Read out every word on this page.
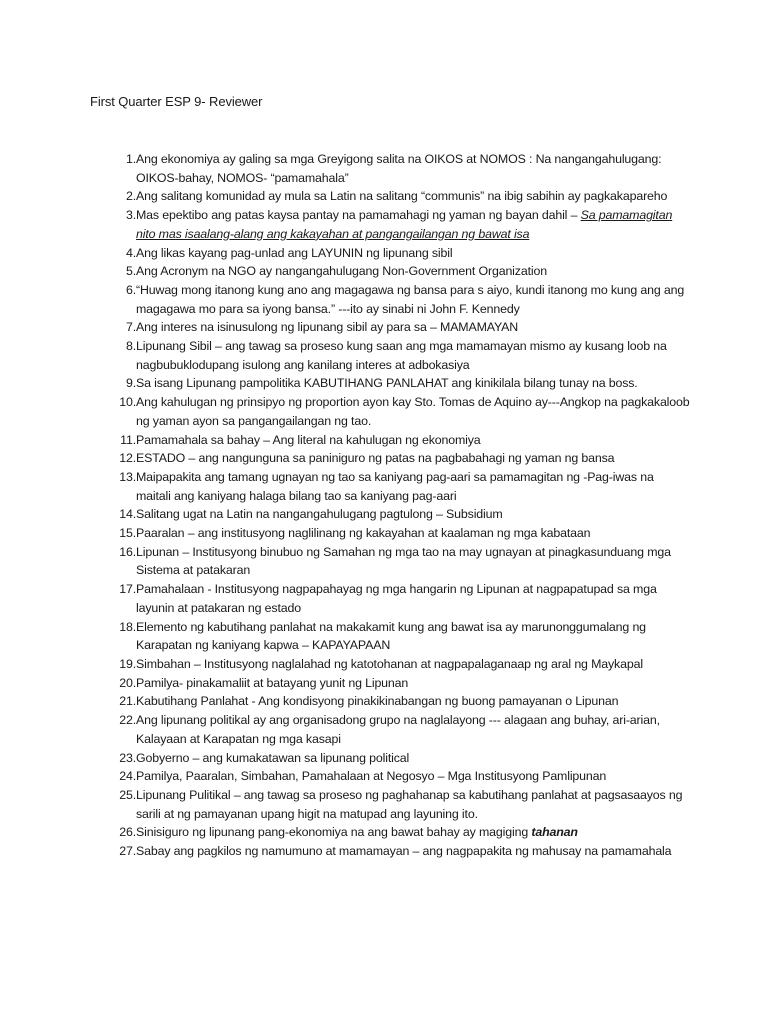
First Quarter ESP 9- Reviewer
1. Ang ekonomiya ay galing sa mga Greyigong salita na OIKOS at NOMOS : Na nangangahulugang: OIKOS-bahay, NOMOS- “pamamahala”
2. Ang salitang komunidad ay mula sa Latin na salitang “communis” na ibig sabihin ay pagkakapareho
3. Mas epektibo ang patas kaysa pantay na pamamahagi ng yaman ng bayan dahil – Sa pamamagitan nito mas isaalang-alang ang kakayahan at pangangailangan ng bawat isa
4. Ang likas kayang pag-unlad ang LAYUNIN ng lipunang sibil
5. Ang Acronym na NGO ay nangangahulugang Non-Government Organization
6. “Huwag mong itanong kung ano ang magagawa ng bansa para s aiyo, kundi itanong mo kung ang ang magagawa mo para sa iyong bansa.” ---ito ay sinabi ni John F. Kennedy
7. Ang interes na isinusulong ng lipunang sibil ay para sa – MAMAMAYAN
8. Lipunang Sibil – ang tawag sa proseso kung saan ang mga mamamayan mismo ay kusang loob na nagbubuklodupang isulong ang kanilang interes at adbokasiya
9. Sa isang Lipunang pampolitika KABUTIHANG PANLAHAT ang kinikilala bilang tunay na boss.
10. Ang kahulugan ng prinsipyo ng proportion ayon kay Sto. Tomas de Aquino ay---Angkop na pagkakaloob ng yaman ayon sa pangangailangan ng tao.
11. Pamamahala sa bahay – Ang literal na kahulugan ng ekonomiya
12. ESTADO – ang nangunguna sa paniniguro ng patas na pagbabahagi ng yaman ng bansa
13. Maipapakita ang tamang ugnayan ng tao sa kaniyang pag-aari sa pamamagitan ng -Pag-iwas na maitali ang kaniyang halaga bilang tao sa kaniyang pag-aari
14. Salitang ugat na Latin na nangangahulugang pagtulong – Subsidium
15. Paaralan – ang institusyong naglilinang ng kakayahan at kaalaman ng mga kabataan
16. Lipunan – Institusyong binubuo ng Samahan ng mga tao na may ugnayan at pinagkasunduang mga Sistema at patakaran
17. Pamahalaan - Institusyong nagpapahayag ng mga hangarin ng Lipunan at nagpapatupad sa mga layunin at patakaran ng estado
18. Elemento ng kabutihang panlahat na makakamit kung ang bawat isa ay marunonggumalang ng Karapatan ng kaniyang kapwa – KAPAYAPAAN
19. Simbahan – Institusyong naglalahad ng katotohanan at nagpapalaganaap ng aral ng Maykapal
20. Pamilya- pinakamaliit at batayang yunit ng Lipunan
21. Kabutihang Panlahat - Ang kondisyong pinakikinabangan ng buong pamayanan o Lipunan
22. Ang lipunang politikal ay ang organisadong grupo na naglalayong --- alagaan ang buhay, ari-arian, Kalayaan at Karapatan ng mga kasapi
23. Gobyerno – ang kumakatawan sa lipunang political
24. Pamilya, Paaralan, Simbahan, Pamahalaan at Negosyo – Mga Institusyong Pamlipunan
25. Lipunang Pulitikal – ang tawag sa proseso ng paghahanap sa kabutihang panlahat at pagsasaayos ng sarili at ng pamayanan upang higit na matupad ang layuning ito.
26. Sinisiguro ng lipunang pang-ekonomiya na ang bawat bahay ay magiging tahanan
27. Sabay ang pagkilos ng namumuno at mamamayan – ang nagpapakita ng mahusay na pamamahala
